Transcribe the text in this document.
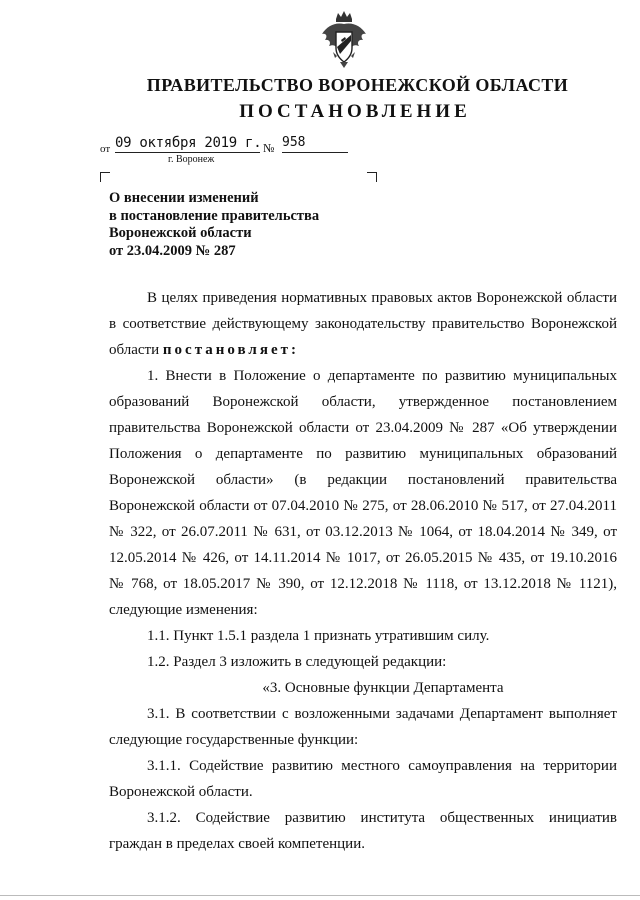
ПРАВИТЕЛЬСТВО ВОРОНЕЖСКОЙ ОБЛАСТИ
ПОСТАНОВЛЕНИЕ
от 09 октября 2019 г. № 958
г. Воронеж
О внесении изменений
в постановление правительства
Воронежской области
от 23.04.2009 № 287
В целях приведения нормативных правовых актов Воронежской области
в соответствие действующему законодательству правительство Воронежской
области постановляет:
1. Внести в Положение о департаменте по развитию муниципальных
образований Воронежской области, утвержденное постановлением
правительства Воронежской области от 23.04.2009 № 287 «Об утверждении
Положения о департаменте по развитию муниципальных образований
Воронежской области» (в редакции постановлений правительства
Воронежской области от 07.04.2010 № 275, от 28.06.2010 № 517, от 27.04.2011
№ 322, от 26.07.2011 № 631, от 03.12.2013 № 1064, от 18.04.2014 № 349, от
12.05.2014 № 426, от 14.11.2014 № 1017, от 26.05.2015 № 435, от 19.10.2016
№ 768, от 18.05.2017 № 390, от 12.12.2018 № 1118, от 13.12.2018 № 1121),
следующие изменения:
1.1. Пункт 1.5.1 раздела 1 признать утратившим силу.
1.2. Раздел 3 изложить в следующей редакции:
«3. Основные функции Департамента
3.1. В соответствии с возложенными задачами Департамент выполняет
следующие государственные функции:
3.1.1. Содействие развитию местного самоуправления на территории
Воронежской области.
3.1.2. Содействие развитию института общественных инициатив
граждан в пределах своей компетенции.
